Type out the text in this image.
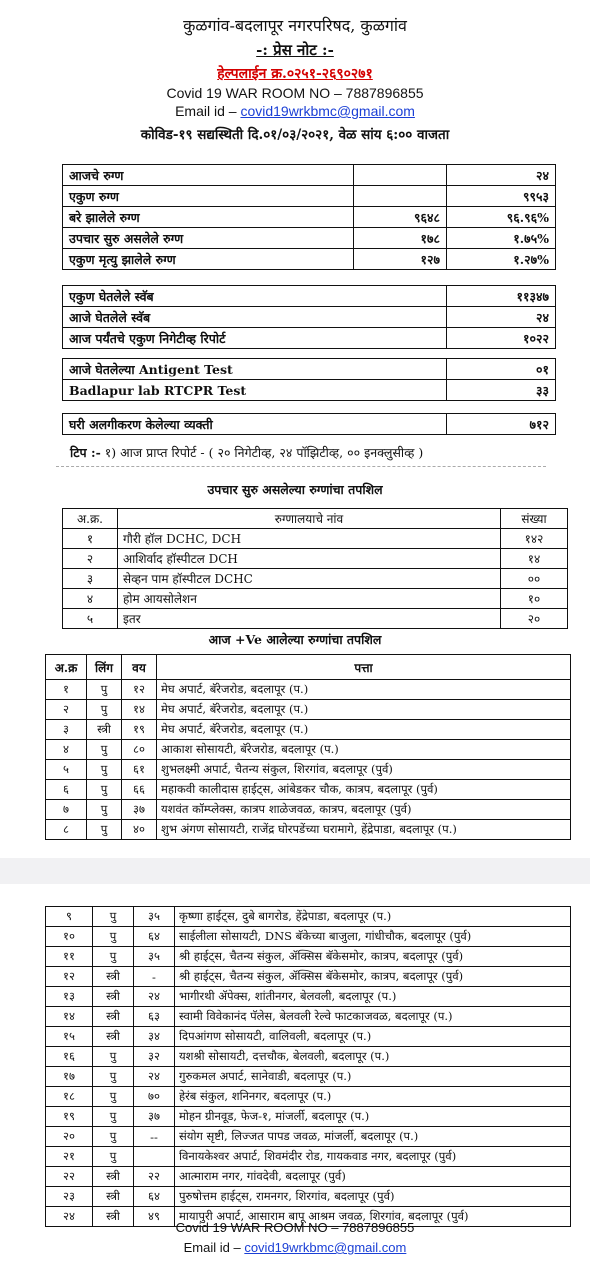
कुळगांव-बदलापूर नगरपरिषद, कुळगांव
-: प्रेस नोट :-
हेल्पलाईन क्र.०२५१-२६९०२७१
Covid 19 WAR ROOM NO – 7887896855
Email id – covid19wrkbmc@gmail.com
कोविड-१९ सद्यस्थिती दि.०१/०३/२०२१, वेळ सांय ६:०० वाजता
आजचे रुग्ण		२४
एकुण रुग्ण		९९५३
बरे झालेले रुग्ण	९६४८	९६.९६%
उपचार सुरु असलेले रुग्ण	१७८	१.७५%
एकुण मृत्यु झालेले रुग्ण	१२७	१.२७%
एकुण घेतलेले स्वॅब	११३४७
आजे घेतलेले स्वॅब	२४
आज पर्यंतचे एकुण निगेटीव्ह रिपोर्ट	१०२२
आजे घेतलेल्या Antigent Test	०१
Badlapur lab RTCPR Test	३३
घरी अलगीकरण केलेल्या व्यक्ती	७१२
टिप :- १) आज प्राप्त रिपोर्ट - ( २० निगेटीव्ह, २४ पॉझिटीव्ह, ०० इनक्लुसीव्ह )
उपचार सुरु असलेल्या रुग्णांचा तपशिल
अ.क्र.	रुग्णालयाचे नांव	संख्या
१	गौरी हॉल DCHC, DCH	१४२
२	आशिर्वाद हॉस्पीटल DCH	१४
३	सेव्हन पाम हॉस्पीटल DCHC	००
४	होम आयसोलेशन	१०
५	इतर	२०
आज +Ve आलेल्या रुग्णांचा तपशिल
अ.क्र	लिंग	वय	पत्ता
१	पु	१२	मेघ अपार्ट, बॅरेजरोड, बदलापूर (प.)
२	पु	१४	मेघ अपार्ट, बॅरेजरोड, बदलापूर (प.)
३	स्त्री	१९	मेघ अपार्ट, बॅरेजरोड, बदलापूर (प.)
४	पु	८०	आकाश सोसायटी, बॅरेजरोड, बदलापूर (प.)
५	पु	६१	शुभलक्ष्मी अपार्ट, चैतन्य संकुल, शिरगांव, बदलापूर (पुर्व)
६	पु	६६	महाकवी कालीदास हाईट्स, आंबेडकर चौक, कात्रप, बदलापूर (पुर्व)
७	पु	३७	यशवंत कॉम्प्लेक्स, कात्रप शाळेजवळ, कात्रप, बदलापूर (पुर्व)
८	पु	४०	शुभ अंगण सोसायटी, राजेंद्र घोरपडेंच्या घरामागे, हेंद्रेपाडा, बदलापूर (प.)
९	पु	३५	कृष्णा हाईट्स, दुबे बागरोड, हेंद्रेपाडा, बदलापूर (प.)
१०	पु	६४	साईलीला सोसायटी, DNS बॅकेच्या बाजुला, गांधीचौक, बदलापूर (पुर्व)
११	पु	३५	श्री हाईट्स, चैतन्य संकुल, ॲक्सिस बॅकेसमोर, कात्रप, बदलापूर (पुर्व)
१२	स्त्री	-	श्री हाईट्स, चैतन्य संकुल, ॲक्सिस बॅकेसमोर, कात्रप, बदलापूर (पुर्व)
१३	स्त्री	२४	भागीरथी ॲपेक्स, शांतीनगर, बेलवली, बदलापूर (प.)
१४	स्त्री	६३	स्वामी विवेकानंद पॅलेस, बेलवली रेल्वे फाटकाजवळ, बदलापूर (प.)
१५	स्त्री	३४	दिपआंगण सोसायटी, वालिवली, बदलापूर (प.)
१६	पु	३२	यशश्री सोसायटी, दत्तचौक, बेलवली, बदलापूर (प.)
१७	पु	२४	गुरुकमल अपार्ट, सानेवाडी, बदलापूर (प.)
१८	पु	७०	हेरंब संकुल, शनिनगर, बदलापूर (प.)
१९	पु	३७	मोहन ग्रीनवूड, फेज-१, मांजर्ली, बदलापूर (प.)
२०	पु	--	संयोग सृष्टी, लिज्जत पापड जवळ, मांजर्ली, बदलापूर (प.)
२१	पु		विनायकेश्वर अपार्ट, शिवमंदीर रोड, गायकवाड नगर, बदलापूर (पुर्व)
२२	स्त्री	२२	आत्माराम नगर, गांवदेवी, बदलापूर (पुर्व)
२३	स्त्री	६४	पुरुषोत्तम हाईट्स, रामनगर, शिरगांव, बदलापूर (पुर्व)
२४	स्त्री	४९	मायापुरी अपार्ट, आसाराम बापू आश्रम जवळ, शिरगांव, बदलापूर (पुर्व)
Covid 19 WAR ROOM NO – 7887896855
Email id – covid19wrkbmc@gmail.com
